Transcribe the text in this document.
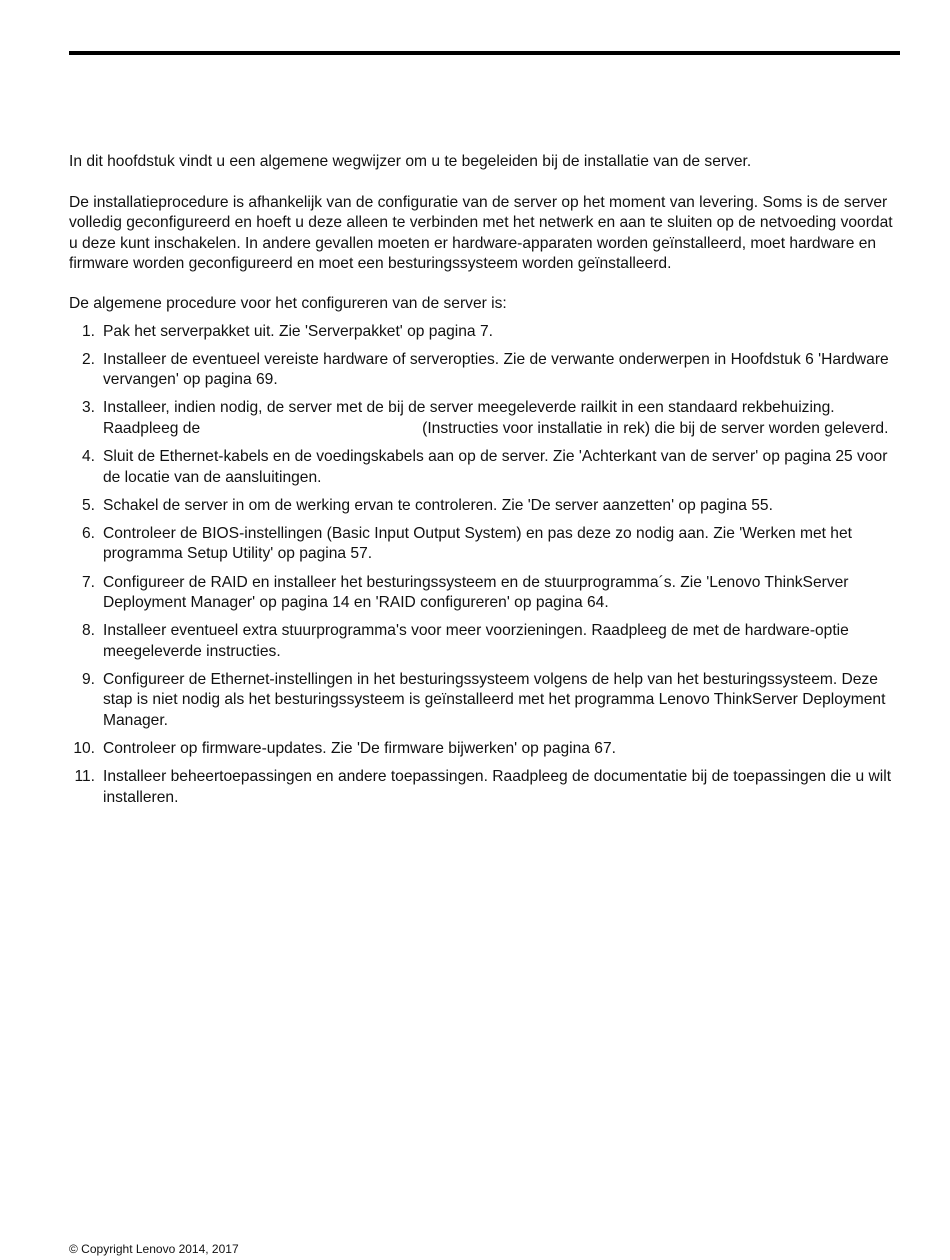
In dit hoofdstuk vindt u een algemene wegwijzer om u te begeleiden bij de installatie van de server.

De installatieprocedure is afhankelijk van de configuratie van de server op het moment van levering. Soms is de server volledig geconfigureerd en hoeft u deze alleen te verbinden met het netwerk en aan te sluiten op de netvoeding voordat u deze kunt inschakelen. In andere gevallen moeten er hardware-apparaten worden geïnstalleerd, moet hardware en firmware worden geconfigureerd en moet een besturingssysteem worden geïnstalleerd.

De algemene procedure voor het configureren van de server is:

1. Pak het serverpakket uit. Zie 'Serverpakket' op pagina 7.
2. Installeer de eventueel vereiste hardware of serveropties. Zie de verwante onderwerpen in Hoofdstuk 6 'Hardware vervangen' op pagina 69.
3. Installeer, indien nodig, de server met de bij de server meegeleverde railkit in een standaard rekbehuizing. Raadpleeg de	(Instructies voor installatie in rek) die bij de server worden geleverd.
4. Sluit de Ethernet-kabels en de voedingskabels aan op de server. Zie 'Achterkant van de server' op pagina 25 voor de locatie van de aansluitingen.
5. Schakel de server in om de werking ervan te controleren. Zie 'De server aanzetten' op pagina 55.
6. Controleer de BIOS-instellingen (Basic Input Output System) en pas deze zo nodig aan. Zie 'Werken met het programma Setup Utility' op pagina 57.
7. Configureer de RAID en installeer het besturingssysteem en de stuurprogramma´s. Zie 'Lenovo ThinkServer Deployment Manager' op pagina 14 en 'RAID configureren' op pagina 64.
8. Installeer eventueel extra stuurprogramma's voor meer voorzieningen. Raadpleeg de met de hardware-optie meegeleverde instructies.
9. Configureer de Ethernet-instellingen in het besturingssysteem volgens de help van het besturingssysteem. Deze stap is niet nodig als het besturingssysteem is geïnstalleerd met het programma Lenovo ThinkServer Deployment Manager.
10. Controleer op firmware-updates. Zie 'De firmware bijwerken' op pagina 67.
11. Installeer beheertoepassingen en andere toepassingen. Raadpleeg de documentatie bij de toepassingen die u wilt installeren.
© Copyright Lenovo 2014, 2017
